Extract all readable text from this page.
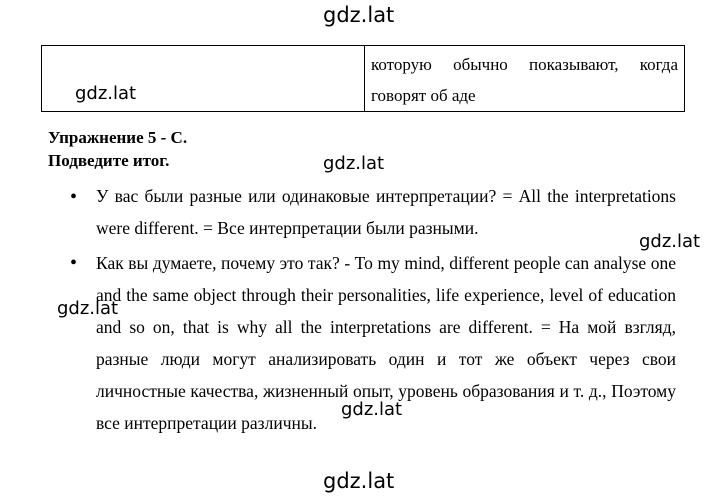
gdz.lat
которую обычно показывают, когда говорят об аде
gdz.lat
Упражнение 5 - C.
Подведите итог.
• У вас были разные или одинаковые интерпретации? = All the interpretations were different. = Все интерпретации были разными.
• Как вы думаете, почему это так? - To my mind, different people can analyse one and the same object through their personalities, life experience, level of education and so on, that is why all the interpretations are different. = На мой взгляд, разные люди могут анализировать один и тот же объект через свои личностные качества, жизненный опыт, уровень образования и т. д., Поэтому все интерпретации различны.
gdz.lat
gdz.lat
gdz.lat
gdz.lat
gdz.lat
